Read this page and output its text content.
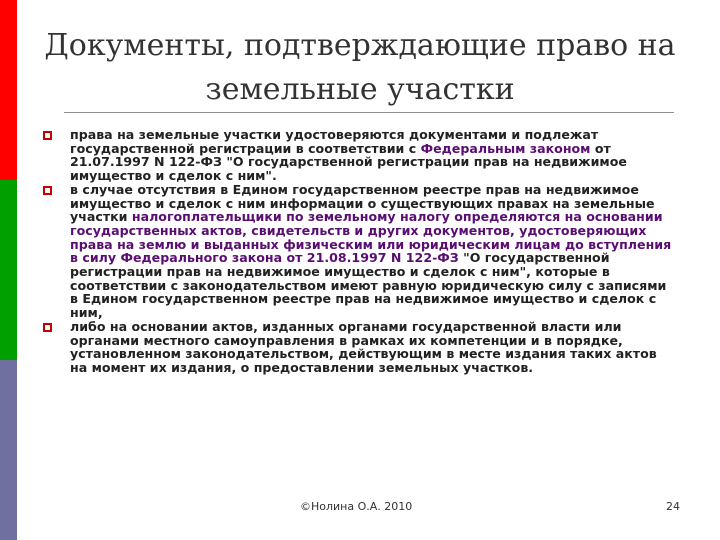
Документы, подтверждающие право на
земельные участки

права на земельные участки удостоверяются документами и подлежат государственной регистрации в соответствии с Федеральным законом от 21.07.1997 N 122-ФЗ "О государственной регистрации прав на недвижимое имущество и сделок с ним".

в случае отсутствия в Едином государственном реестре прав на недвижимое имущество и сделок с ним информации о существующих правах на земельные участки налогоплательщики по земельному налогу определяются на основании государственных актов, свидетельств и других документов, удостоверяющих права на землю и выданных физическим или юридическим лицам до вступления в силу Федерального закона от 21.08.1997 N 122-ФЗ "О государственной регистрации прав на недвижимое имущество и сделок с ним", которые в соответствии с законодательством имеют равную юридическую силу с записями в Едином государственном реестре прав на недвижимое имущество и сделок с ним,

либо на основании актов, изданных органами государственной власти или органами местного самоуправления в рамках их компетенции и в порядке, установленном законодательством, действующим в месте издания таких актов на момент их издания, о предоставлении земельных участков.

©Нолина О.А. 2010	24
